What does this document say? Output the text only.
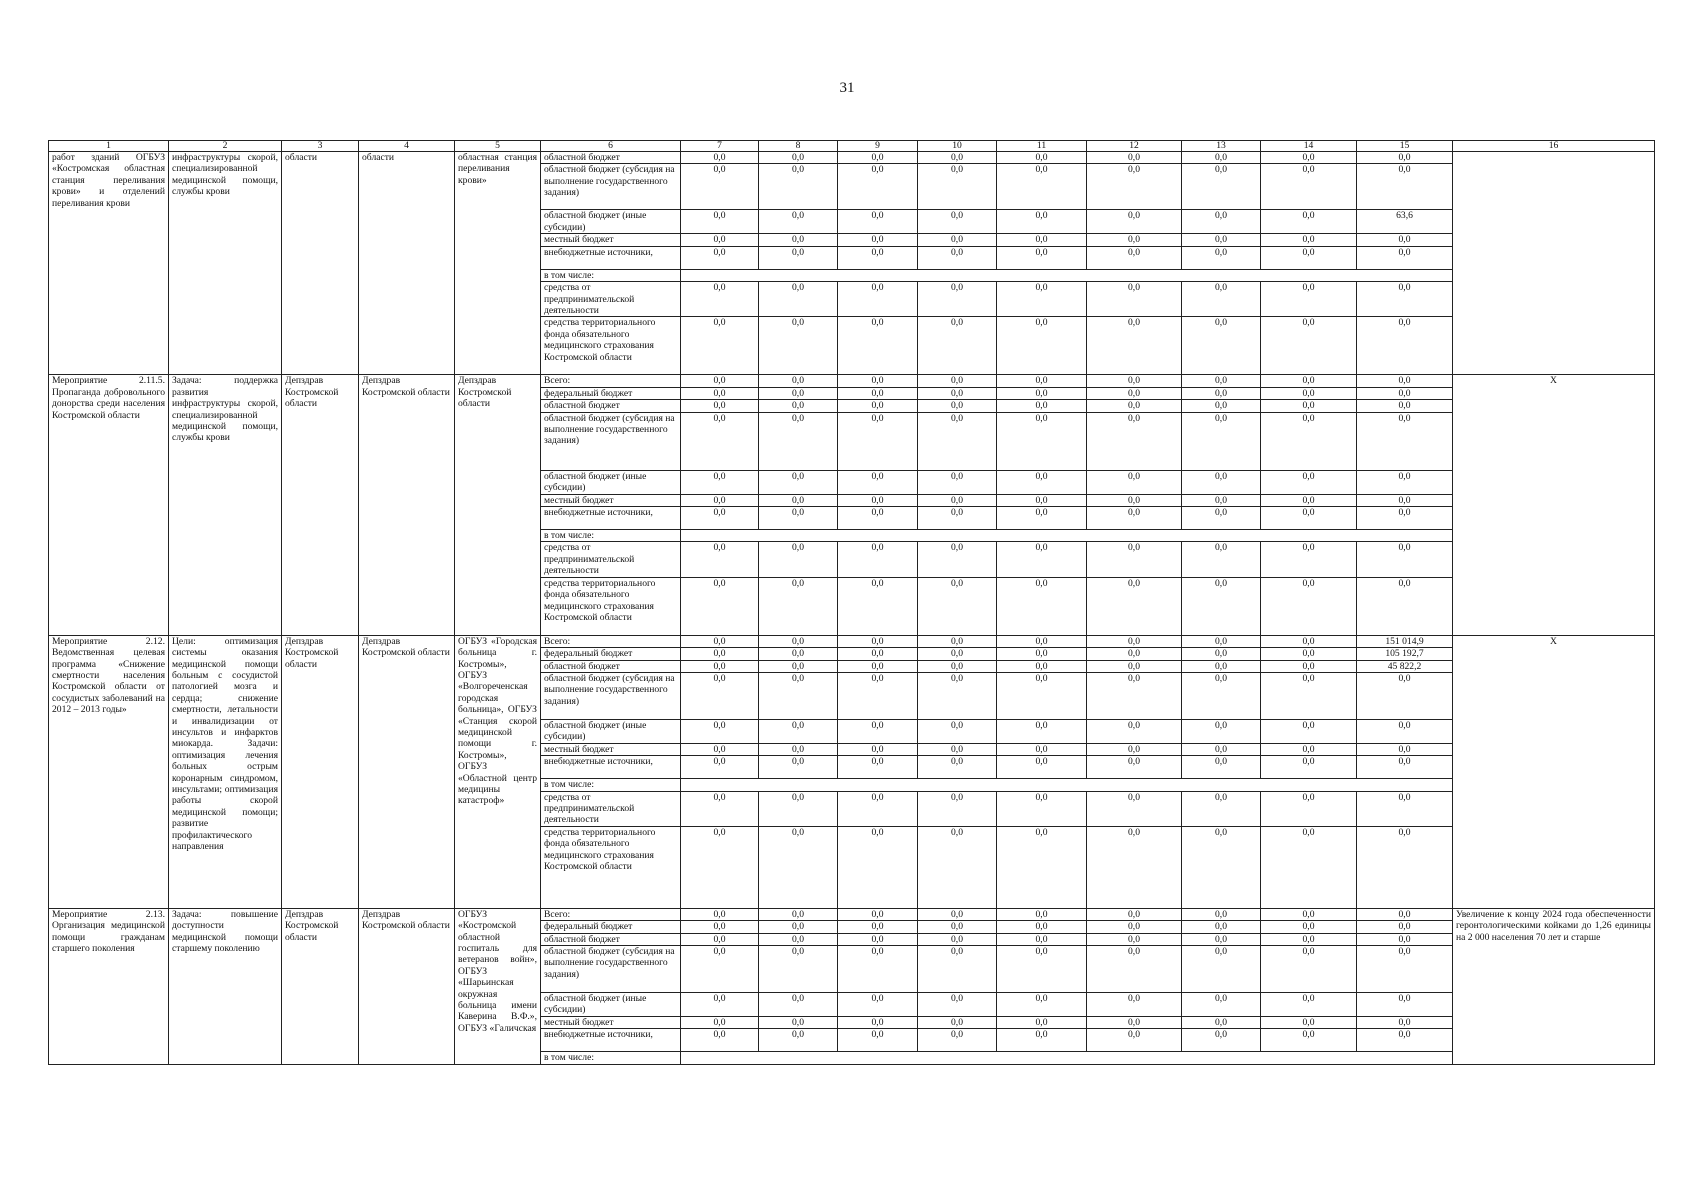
31
1	2	3	4	5	6	7	8	9	10	11	12	13	14	15	16
работ зданий ОГБУЗ «Костромская областная станция переливания крови» и отделений переливания крови	инфраструктуры скорой, специализированной медицинской помощи, службы крови	области	области	областная станция переливания крови»	областной бюджет	0,0	0,0	0,0	0,0	0,0	0,0	0,0	0,0	0,0	
					областной бюджет (субсидия на выполнение государственного задания)	0,0	0,0	0,0	0,0	0,0	0,0	0,0	0,0	0,0	
					областной бюджет (иные субсидии)	0,0	0,0	0,0	0,0	0,0	0,0	0,0	0,0	63,6	
					местный бюджет	0,0	0,0	0,0	0,0	0,0	0,0	0,0	0,0	0,0	
					внебюджетные источники,	0,0	0,0	0,0	0,0	0,0	0,0	0,0	0,0	0,0	
					в том числе:										
					средства от предпринимательской деятельности	0,0	0,0	0,0	0,0	0,0	0,0	0,0	0,0	0,0	
					средства территориального фонда обязательного медицинского страхования Костромской области	0,0	0,0	0,0	0,0	0,0	0,0	0,0	0,0	0,0	
Мероприятие 2.11.5. Пропаганда добровольного донорства среди населения Костромской области	Задача: поддержка развития инфраструктуры скорой, специализированной медицинской помощи, службы крови	Депздрав Костромской области	Депздрав Костромской области	Депздрав Костромской области	Всего:	0,0	0,0	0,0	0,0	0,0	0,0	0,0	0,0	0,0	X
					федеральный бюджет	0,0	0,0	0,0	0,0	0,0	0,0	0,0	0,0	0,0	
					областной бюджет	0,0	0,0	0,0	0,0	0,0	0,0	0,0	0,0	0,0	
					областной бюджет (субсидия на выполнение государственного задания)	0,0	0,0	0,0	0,0	0,0	0,0	0,0	0,0	0,0	
					областной бюджет (иные субсидии)	0,0	0,0	0,0	0,0	0,0	0,0	0,0	0,0	0,0	
					местный бюджет	0,0	0,0	0,0	0,0	0,0	0,0	0,0	0,0	0,0	
					внебюджетные источники,	0,0	0,0	0,0	0,0	0,0	0,0	0,0	0,0	0,0	
					в том числе:										
					средства от предпринимательской деятельности	0,0	0,0	0,0	0,0	0,0	0,0	0,0	0,0	0,0	
					средства территориального фонда обязательного медицинского страхования Костромской области	0,0	0,0	0,0	0,0	0,0	0,0	0,0	0,0	0,0	
Мероприятие 2.12. Ведомственная целевая программа «Снижение смертности населения Костромской области от сосудистых заболеваний на 2012 – 2013 годы»	Цели: оптимизация системы оказания медицинской помощи больным с сосудистой патологией мозга и сердца; снижение смертности, летальности и инвалидизации от инсультов и инфарктов миокарда. Задачи: оптимизация лечения больных острым коронарным синдромом, инсультами; оптимизация работы скорой медицинской помощи; развитие профилактического направления	Депздрав Костромской области	Депздрав Костромской области	ОГБУЗ «Городская больница г. Костромы», ОГБУЗ «Волгореченская городская больница», ОГБУЗ «Станция скорой медицинской помощи г. Костромы», ОГБУЗ «Областной центр медицины катастроф»	Всего:	0,0	0,0	0,0	0,0	0,0	0,0	0,0	0,0	151 014,9	X
					федеральный бюджет	0,0	0,0	0,0	0,0	0,0	0,0	0,0	0,0	105 192,7	
					областной бюджет	0,0	0,0	0,0	0,0	0,0	0,0	0,0	0,0	45 822,2	
					областной бюджет (субсидия на выполнение государственного задания)	0,0	0,0	0,0	0,0	0,0	0,0	0,0	0,0	0,0	
					областной бюджет (иные субсидии)	0,0	0,0	0,0	0,0	0,0	0,0	0,0	0,0	0,0	
					местный бюджет	0,0	0,0	0,0	0,0	0,0	0,0	0,0	0,0	0,0	
					внебюджетные источники,	0,0	0,0	0,0	0,0	0,0	0,0	0,0	0,0	0,0	
					в том числе:										
					средства от предпринимательской деятельности	0,0	0,0	0,0	0,0	0,0	0,0	0,0	0,0	0,0	
					средства территориального фонда обязательного медицинского страхования Костромской области	0,0	0,0	0,0	0,0	0,0	0,0	0,0	0,0	0,0	
Мероприятие 2.13. Организация медицинской помощи гражданам старшего поколения	Задача: повышение доступности медицинской помощи старшему поколению	Депздрав Костромской области	Депздрав Костромской области	ОГБУЗ «Костромской областной госпиталь для ветеранов войн», ОГБУЗ «Шарьинская окружная больница имени Каверина В.Ф.», ОГБУЗ «Галичская	Всего:	0,0	0,0	0,0	0,0	0,0	0,0	0,0	0,0	0,0	Увеличение к концу 2024 года обеспеченности геронтологическими койками до 1,26 единицы на 2 000 населения 70 лет и старше
					федеральный бюджет	0,0	0,0	0,0	0,0	0,0	0,0	0,0	0,0	0,0	
					областной бюджет	0,0	0,0	0,0	0,0	0,0	0,0	0,0	0,0	0,0	
					областной бюджет (субсидия на выполнение государственного задания)	0,0	0,0	0,0	0,0	0,0	0,0	0,0	0,0	0,0	
					областной бюджет (иные субсидии)	0,0	0,0	0,0	0,0	0,0	0,0	0,0	0,0	0,0	
					местный бюджет	0,0	0,0	0,0	0,0	0,0	0,0	0,0	0,0	0,0	
					внебюджетные источники,	0,0	0,0	0,0	0,0	0,0	0,0	0,0	0,0	0,0	
					в том числе:										
